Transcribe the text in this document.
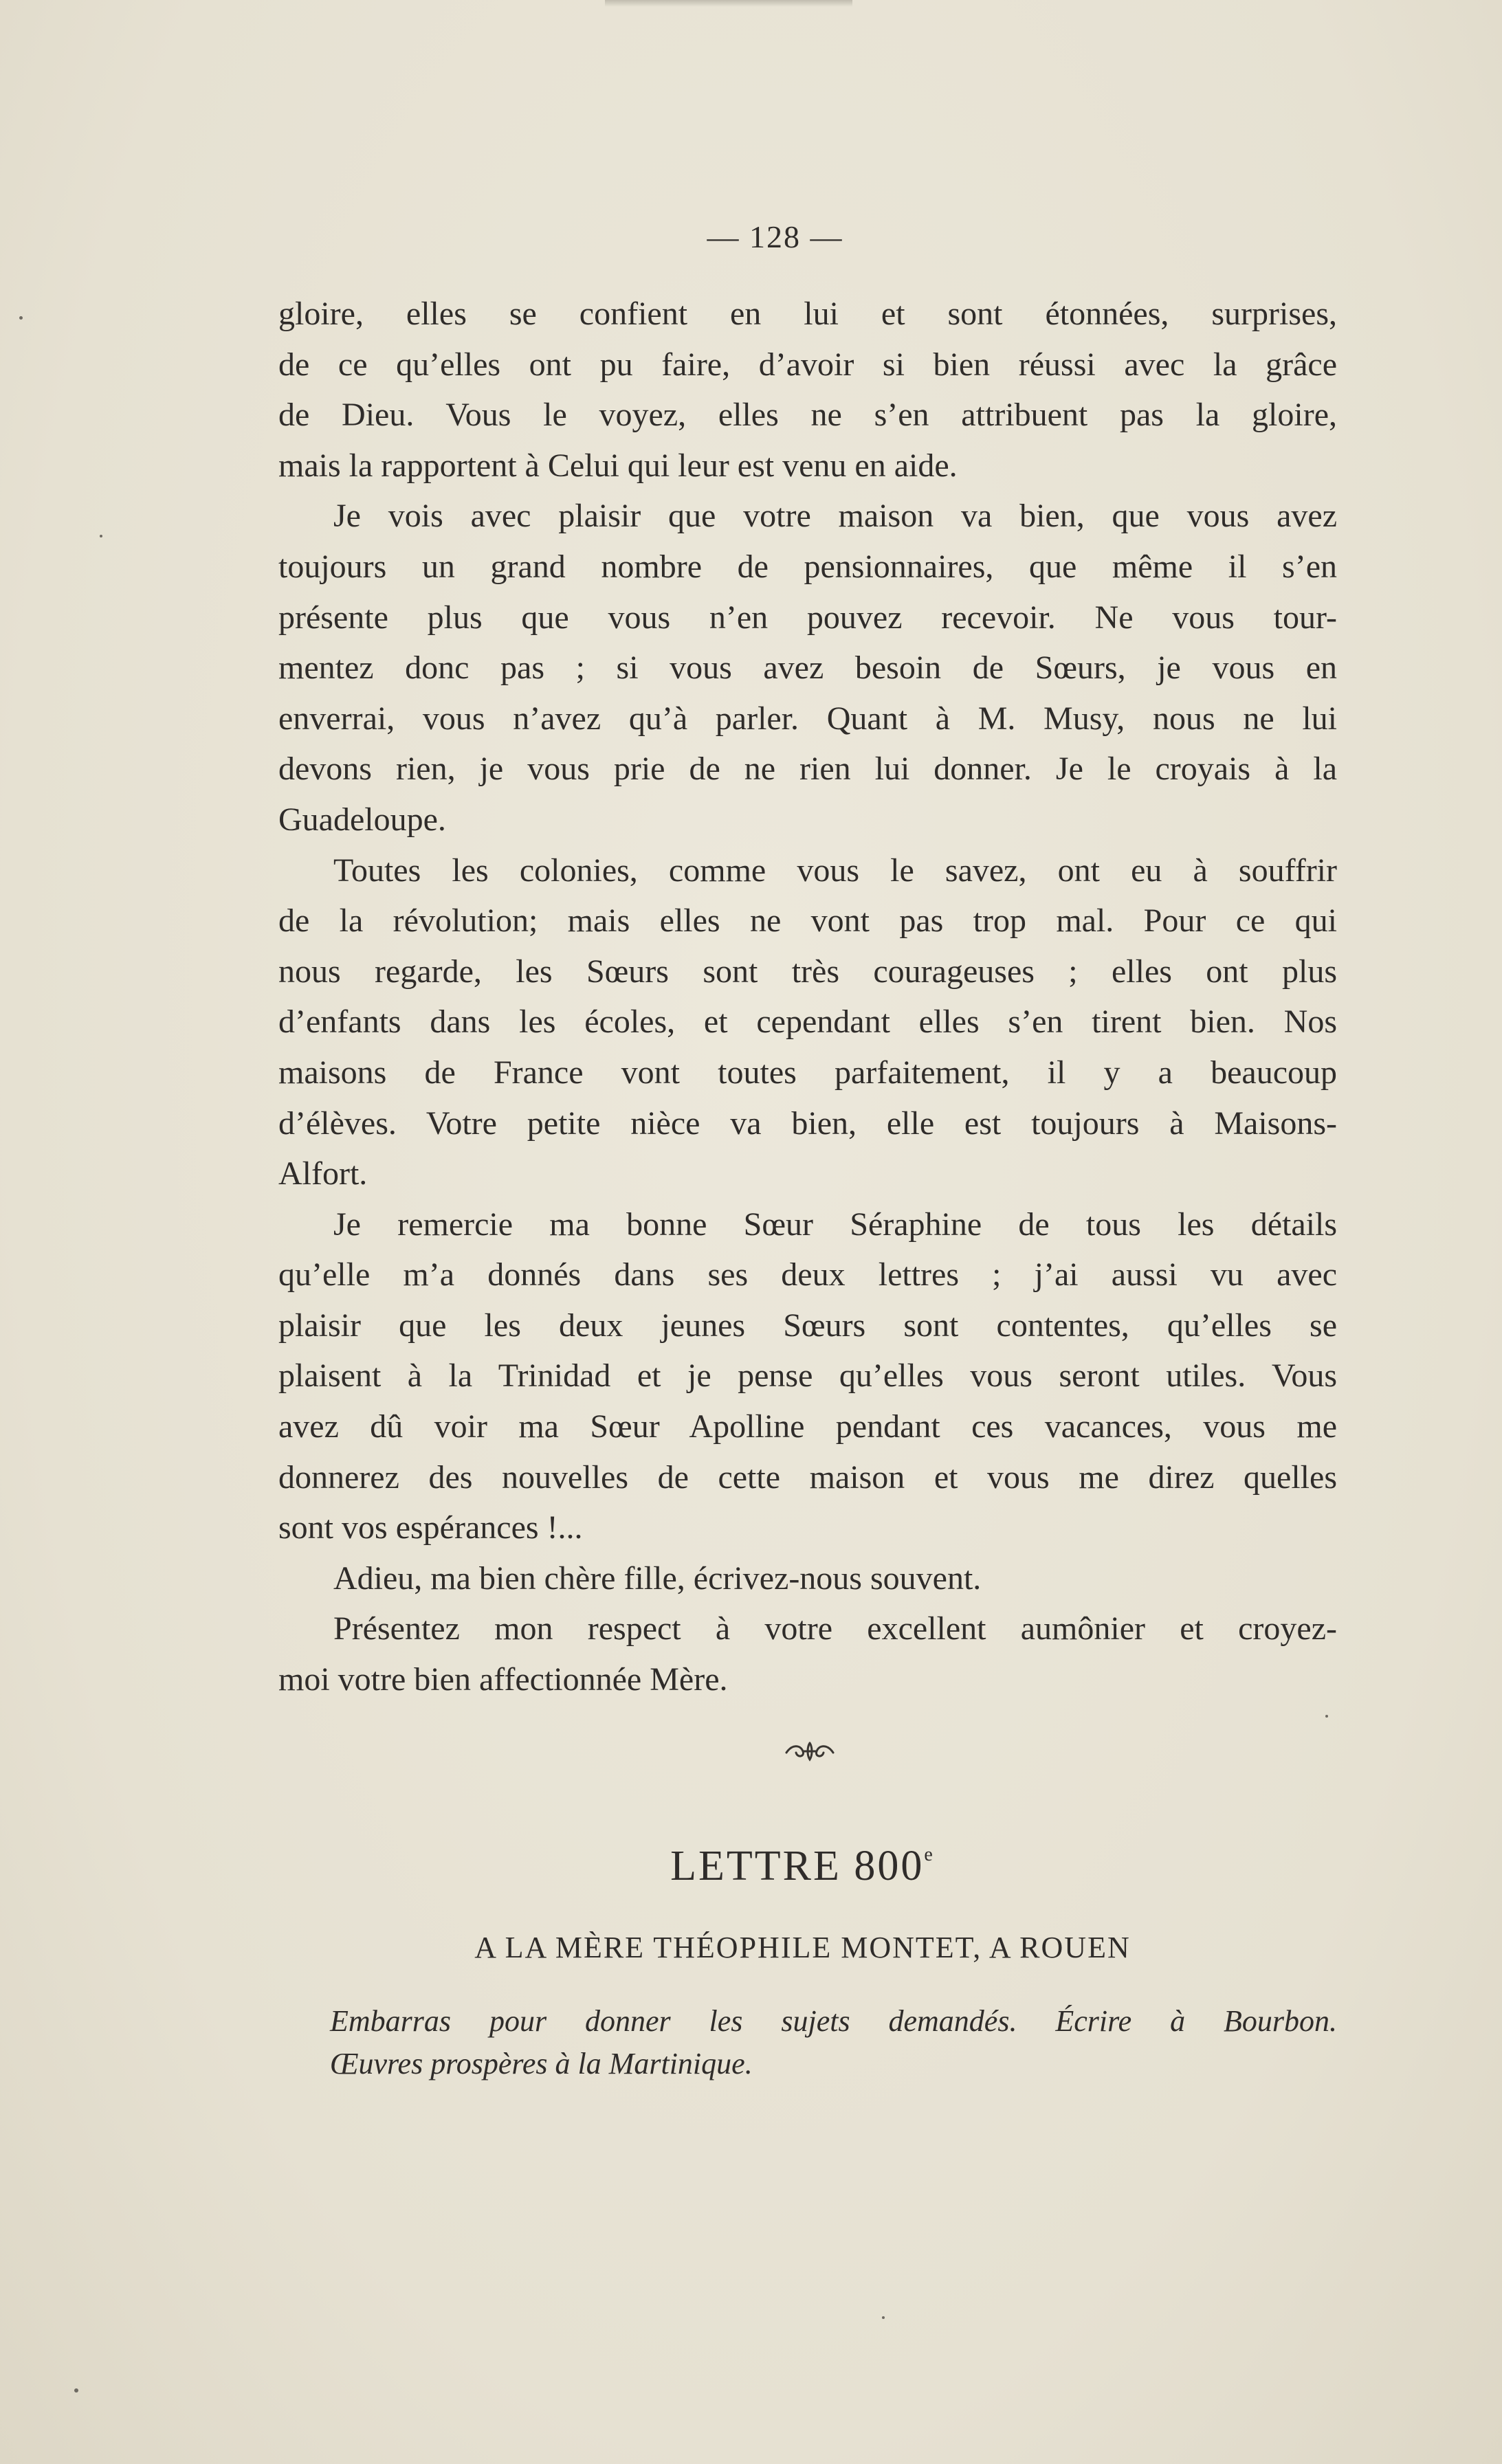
— 128 —
gloire, elles se confient en lui et sont étonnées, surprises,
de ce qu’elles ont pu faire, d’avoir si bien réussi avec la grâce
de Dieu. Vous le voyez, elles ne s’en attribuent pas la gloire,
mais la rapportent à Celui qui leur est venu en aide.
Je vois avec plaisir que votre maison va bien, que vous avez
toujours un grand nombre de pensionnaires, que même il s’en
présente plus que vous n’en pouvez recevoir. Ne vous tour-
mentez donc pas ; si vous avez besoin de Sœurs, je vous en
enverrai, vous n’avez qu’à parler. Quant à M. Musy, nous ne lui
devons rien, je vous prie de ne rien lui donner. Je le croyais à la
Guadeloupe.
Toutes les colonies, comme vous le savez, ont eu à souffrir
de la révolution; mais elles ne vont pas trop mal. Pour ce qui
nous regarde, les Sœurs sont très courageuses ; elles ont plus
d’enfants dans les écoles, et cependant elles s’en tirent bien. Nos
maisons de France vont toutes parfaitement, il y a beaucoup
d’élèves. Votre petite nièce va bien, elle est toujours à Maisons-
Alfort.
Je remercie ma bonne Sœur Séraphine de tous les détails
qu’elle m’a donnés dans ses deux lettres ; j’ai aussi vu avec
plaisir que les deux jeunes Sœurs sont contentes, qu’elles se
plaisent à la Trinidad et je pense qu’elles vous seront utiles. Vous
avez dû voir ma Sœur Apolline pendant ces vacances, vous me
donnerez des nouvelles de cette maison et vous me direz quelles
sont vos espérances !...
Adieu, ma bien chère fille, écrivez-nous souvent.
Présentez mon respect à votre excellent aumônier et croyez-
moi votre bien affectionnée Mère.
LETTRE 800e
A LA MÈRE THÉOPHILE MONTET, A ROUEN
Embarras pour donner les sujets demandés. Écrire à Bourbon.
Œuvres prospères à la Martinique.
